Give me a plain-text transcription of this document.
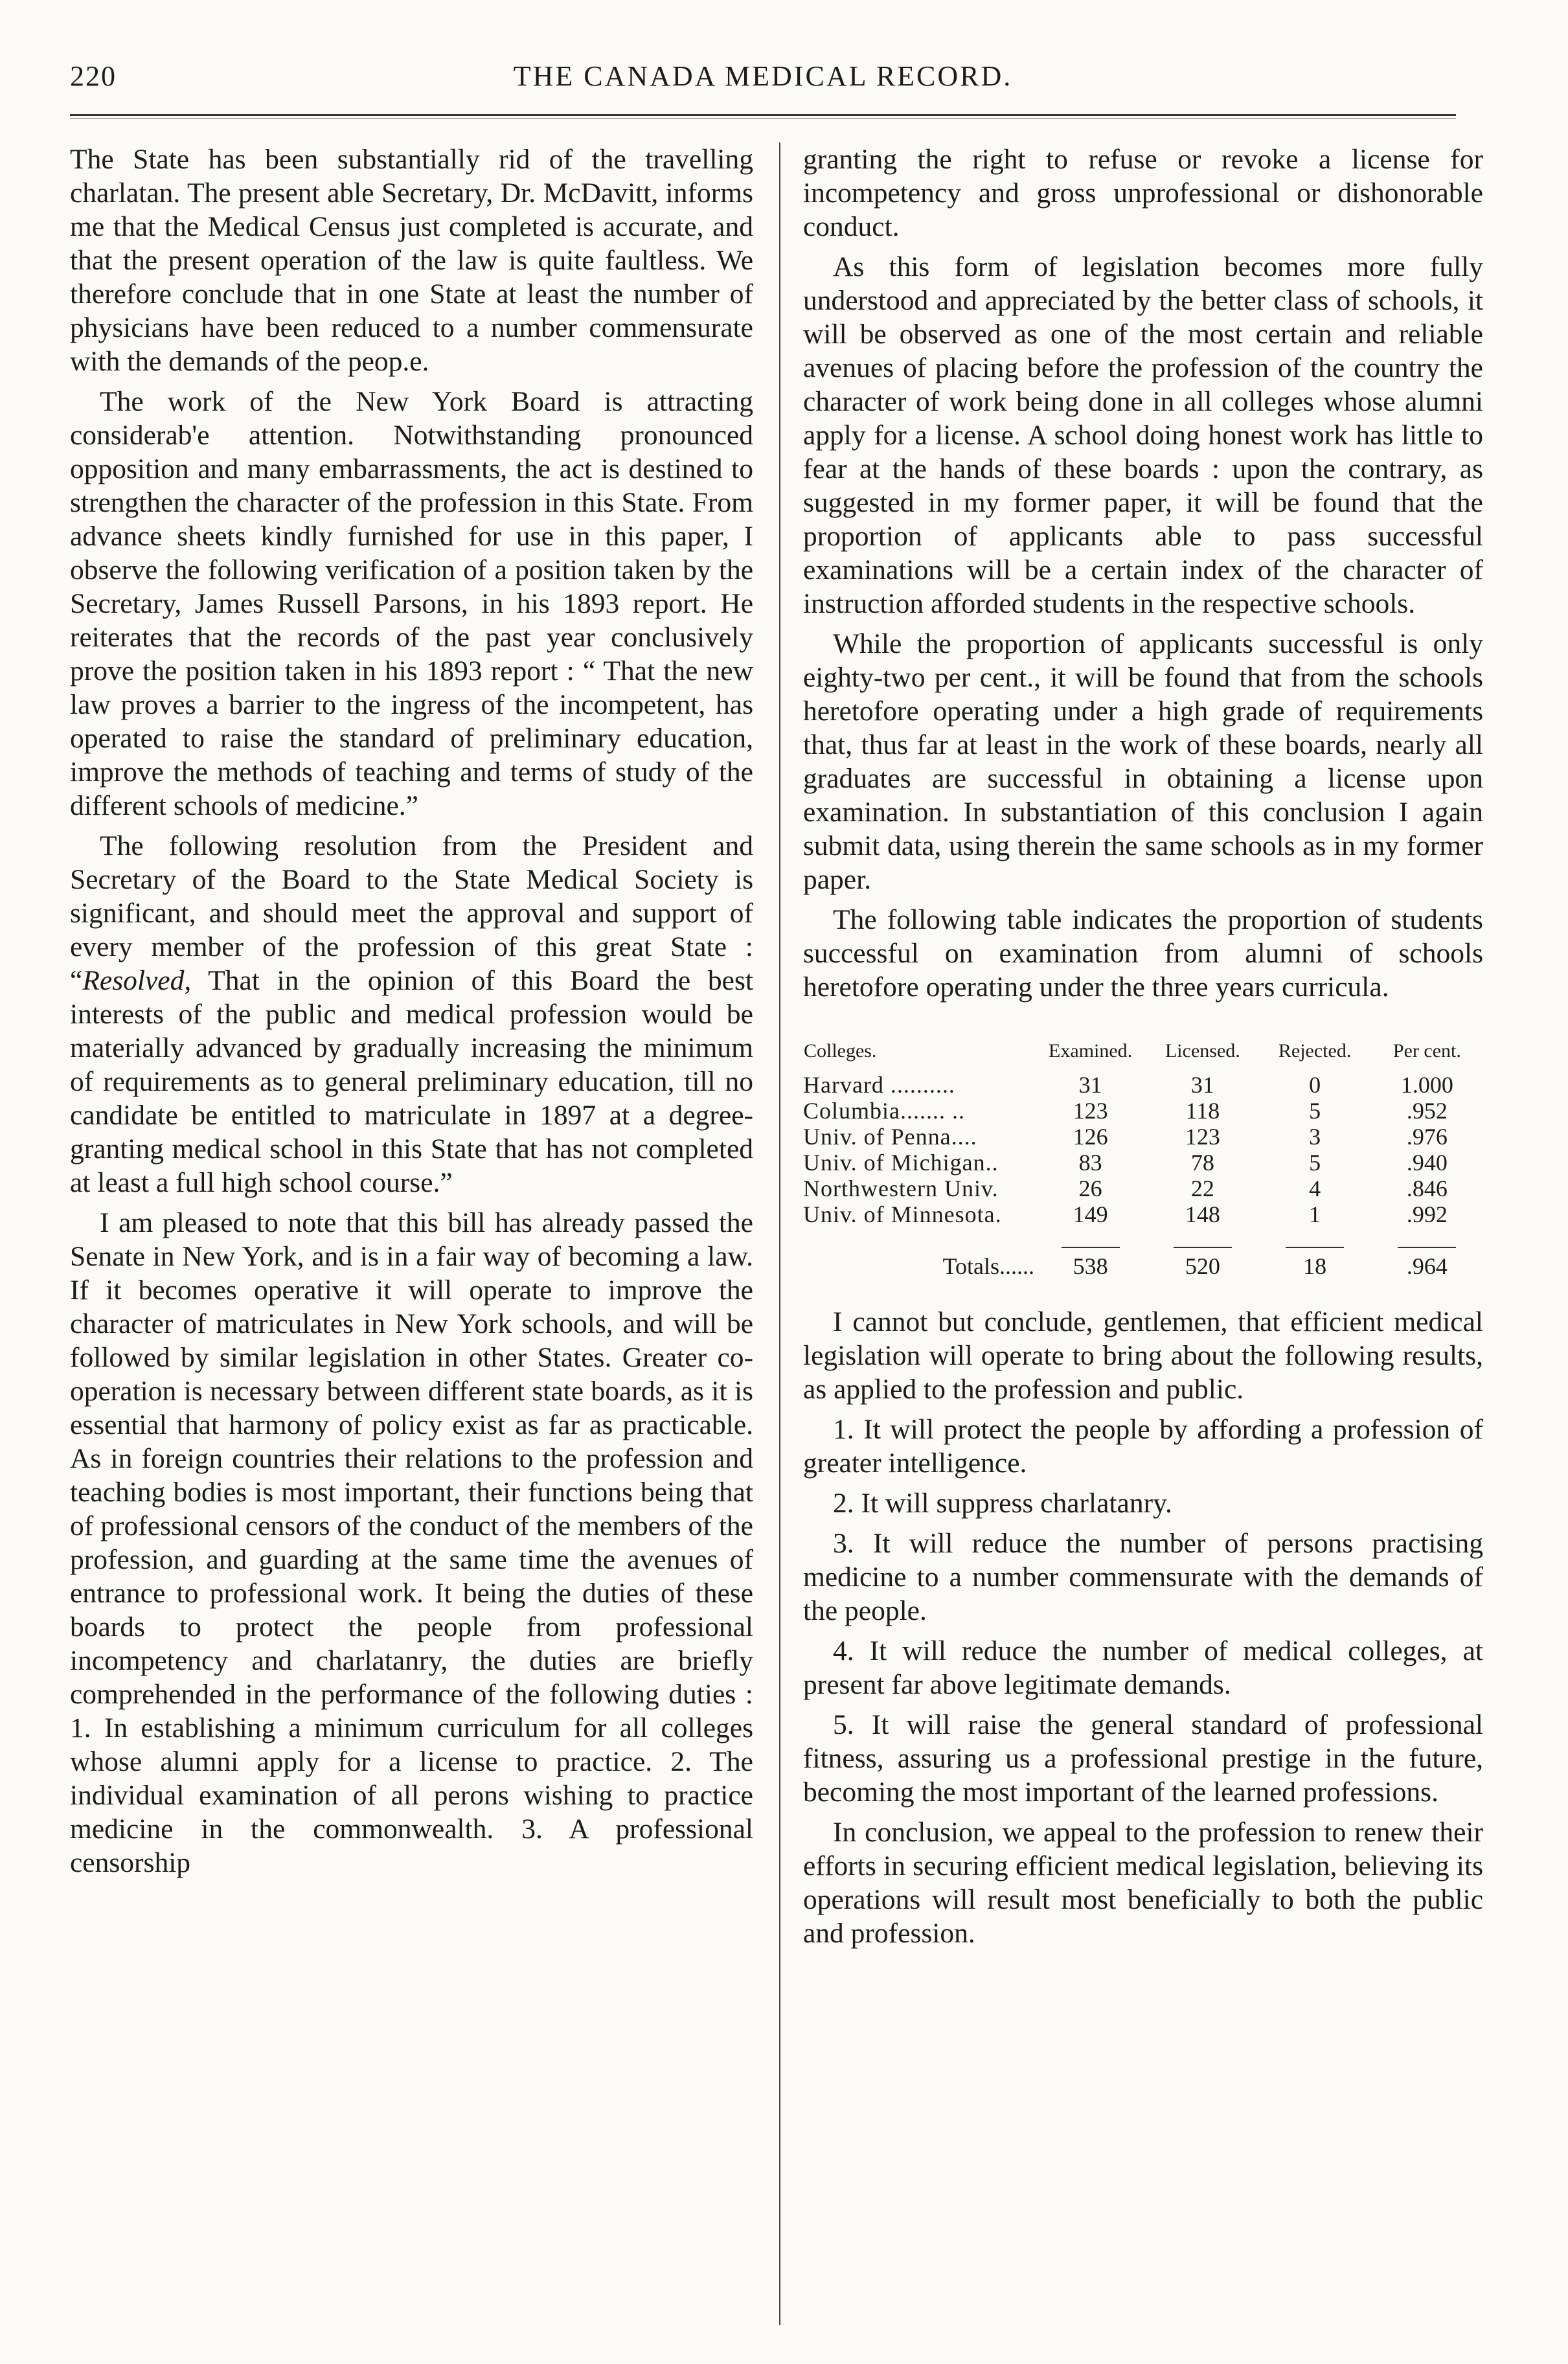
220	THE CANADA MEDICAL RECORD.

The State has been substantially rid of the travelling charlatan. The present able Secretary, Dr. McDavitt, informs me that the Medical Census just completed is accurate, and that the present operation of the law is quite faultless. We therefore conclude that in one State at least the number of physicians have been reduced to a number commensurate with the demands of the peop.e.

The work of the New York Board is attracting considerab'e attention. Notwithstanding pronounced opposition and many embarrassments, the act is destined to strengthen the character of the profession in this State. From advance sheets kindly furnished for use in this paper, I observe the following verification of a position taken by the Secretary, James Russell Parsons, in his 1893 report. He reiterates that the records of the past year conclusively prove the position taken in his 1893 report : “ That the new law proves a barrier to the ingress of the incompetent, has operated to raise the standard of preliminary education, improve the methods of teaching and terms of study of the different schools of medicine.”

The following resolution from the President and Secretary of the Board to the State Medical Society is significant, and should meet the approval and support of every member of the profession of this great State : “Resolved, That in the opinion of this Board the best interests of the public and medical profession would be materially advanced by gradually increasing the minimum of requirements as to general preliminary education, till no candidate be entitled to matriculate in 1897 at a degree-granting medical school in this State that has not completed at least a full high school course.”

I am pleased to note that this bill has already passed the Senate in New York, and is in a fair way of becoming a law. If it becomes operative it will operate to improve the character of matriculates in New York schools, and will be followed by similar legislation in other States. Greater co-operation is necessary between different state boards, as it is essential that harmony of policy exist as far as practicable. As in foreign countries their relations to the profession and teaching bodies is most important, their functions being that of professional censors of the conduct of the members of the profession, and guarding at the same time the avenues of entrance to professional work. It being the duties of these boards to protect the people from professional incompetency and charlatanry, the duties are briefly comprehended in the performance of the following duties : 1. In establishing a minimum curriculum for all colleges whose alumni apply for a license to practice. 2. The individual examination of all perons wishing to practice medicine in the commonwealth. 3. A professional censorship

granting the right to refuse or revoke a license for incompetency and gross unprofessional or dishonorable conduct.

As this form of legislation becomes more fully understood and appreciated by the better class of schools, it will be observed as one of the most certain and reliable avenues of placing before the profession of the country the character of work being done in all colleges whose alumni apply for a license. A school doing honest work has little to fear at the hands of these boards : upon the contrary, as suggested in my former paper, it will be found that the proportion of applicants able to pass successful examinations will be a certain index of the character of instruction afforded students in the respective schools.

While the proportion of applicants successful is only eighty-two per cent., it will be found that from the schools heretofore operating under a high grade of requirements that, thus far at least in the work of these boards, nearly all graduates are successful in obtaining a license upon examination. In substantiation of this conclusion I again submit data, using therein the same schools as in my former paper.

The following table indicates the proportion of students successful on examination from alumni of schools heretofore operating under the three years curricula.

Colleges.	Examined.	Licensed.	Rejected.	Per cent.
Harvard ..........	31	31	0	1.000
Columbia....... ..	123	118	5	.952
Univ. of Penna....	126	123	3	.976
Univ. of Michigan..	83	78	5	.940
Northwestern Univ.	26	22	4	.846
Univ. of Minnesota.	149	148	1	.992

Totals......	538	520	18	.964

I cannot but conclude, gentlemen, that efficient medical legislation will operate to bring about the following results, as applied to the profession and public.

1. It will protect the people by affording a profession of greater intelligence.
2. It will suppress charlatanry.
3. It will reduce the number of persons practising medicine to a number commensurate with the demands of the people.
4. It will reduce the number of medical colleges, at present far above legitimate demands.
5. It will raise the general standard of professional fitness, assuring us a professional prestige in the future, becoming the most important of the learned professions.

In conclusion, we appeal to the profession to renew their efforts in securing efficient medical legislation, believing its operations will result most beneficially to both the public and profession.
